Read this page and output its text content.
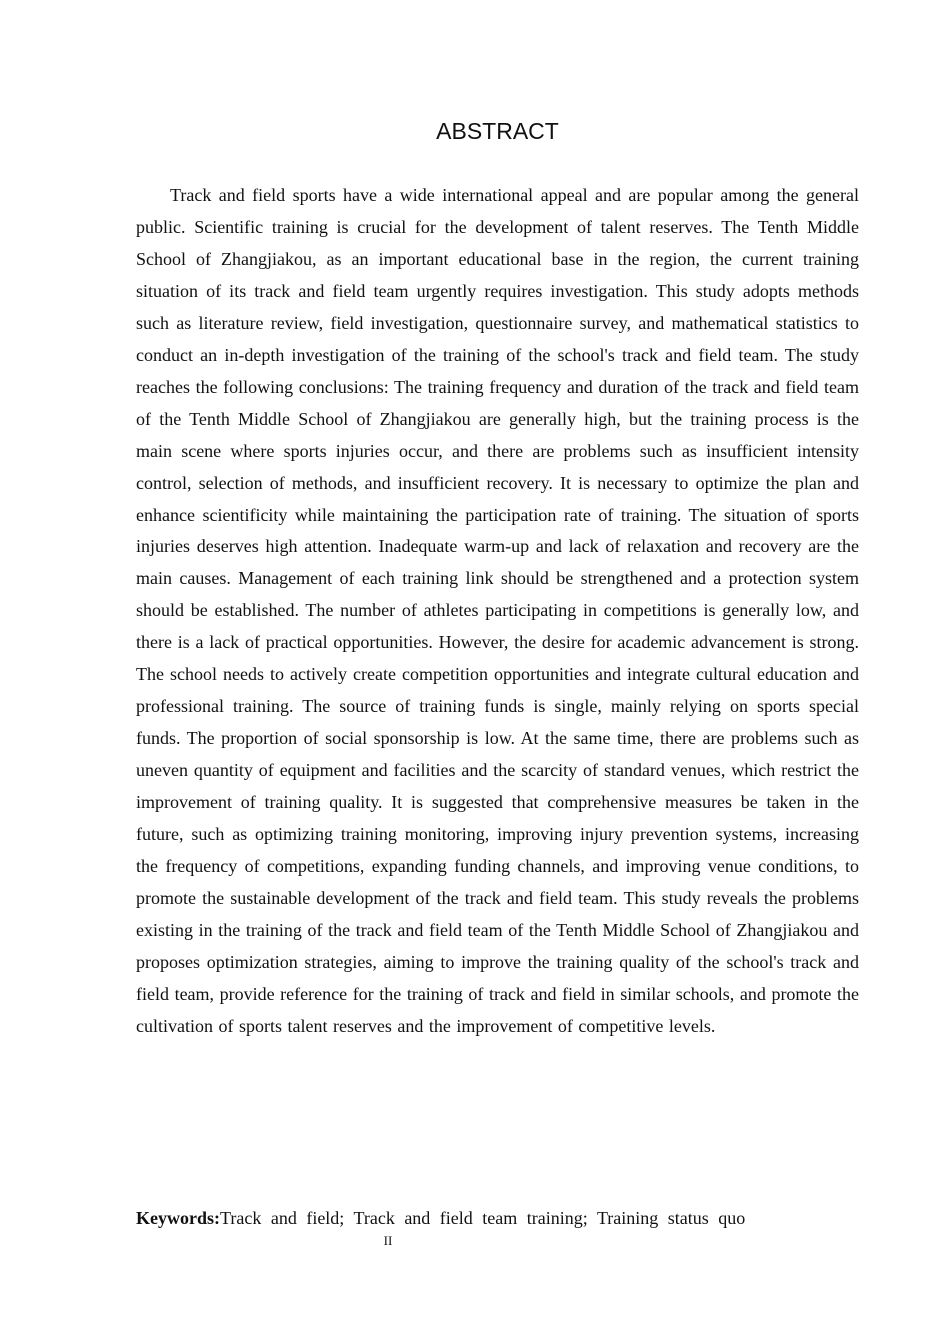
ABSTRACT

Track and field sports have a wide international appeal and are popular among the general public. Scientific training is crucial for the development of talent reserves. The Tenth Middle School of Zhangjiakou, as an important educational base in the region, the current training situation of its track and field team urgently requires investigation. This study adopts methods such as literature review, field investigation, questionnaire survey, and mathematical statistics to conduct an in-depth investigation of the training of the school's track and field team. The study reaches the following conclusions: The training frequency and duration of the track and field team of the Tenth Middle School of Zhangjiakou are generally high, but the training process is the main scene where sports injuries occur, and there are problems such as insufficient intensity control, selection of methods, and insufficient recovery. It is necessary to optimize the plan and enhance scientificity while maintaining the participation rate of training. The situation of sports injuries deserves high attention. Inadequate warm-up and lack of relaxation and recovery are the main causes. Management of each training link should be strengthened and a protection system should be established. The number of athletes participating in competitions is generally low, and there is a lack of practical opportunities. However, the desire for academic advancement is strong. The school needs to actively create competition opportunities and integrate cultural education and professional training. The source of training funds is single, mainly relying on sports special funds. The proportion of social sponsorship is low. At the same time, there are problems such as uneven quantity of equipment and facilities and the scarcity of standard venues, which restrict the improvement of training quality. It is suggested that comprehensive measures be taken in the future, such as optimizing training monitoring, improving injury prevention systems, increasing the frequency of competitions, expanding funding channels, and improving venue conditions, to promote the sustainable development of the track and field team. This study reveals the problems existing in the training of the track and field team of the Tenth Middle School of Zhangjiakou and proposes optimization strategies, aiming to improve the training quality of the school's track and field team, provide reference for the training of track and field in similar schools, and promote the cultivation of sports talent reserves and the improvement of competitive levels.

Keywords:Track and field; Track and field team training; Training status quo
II
